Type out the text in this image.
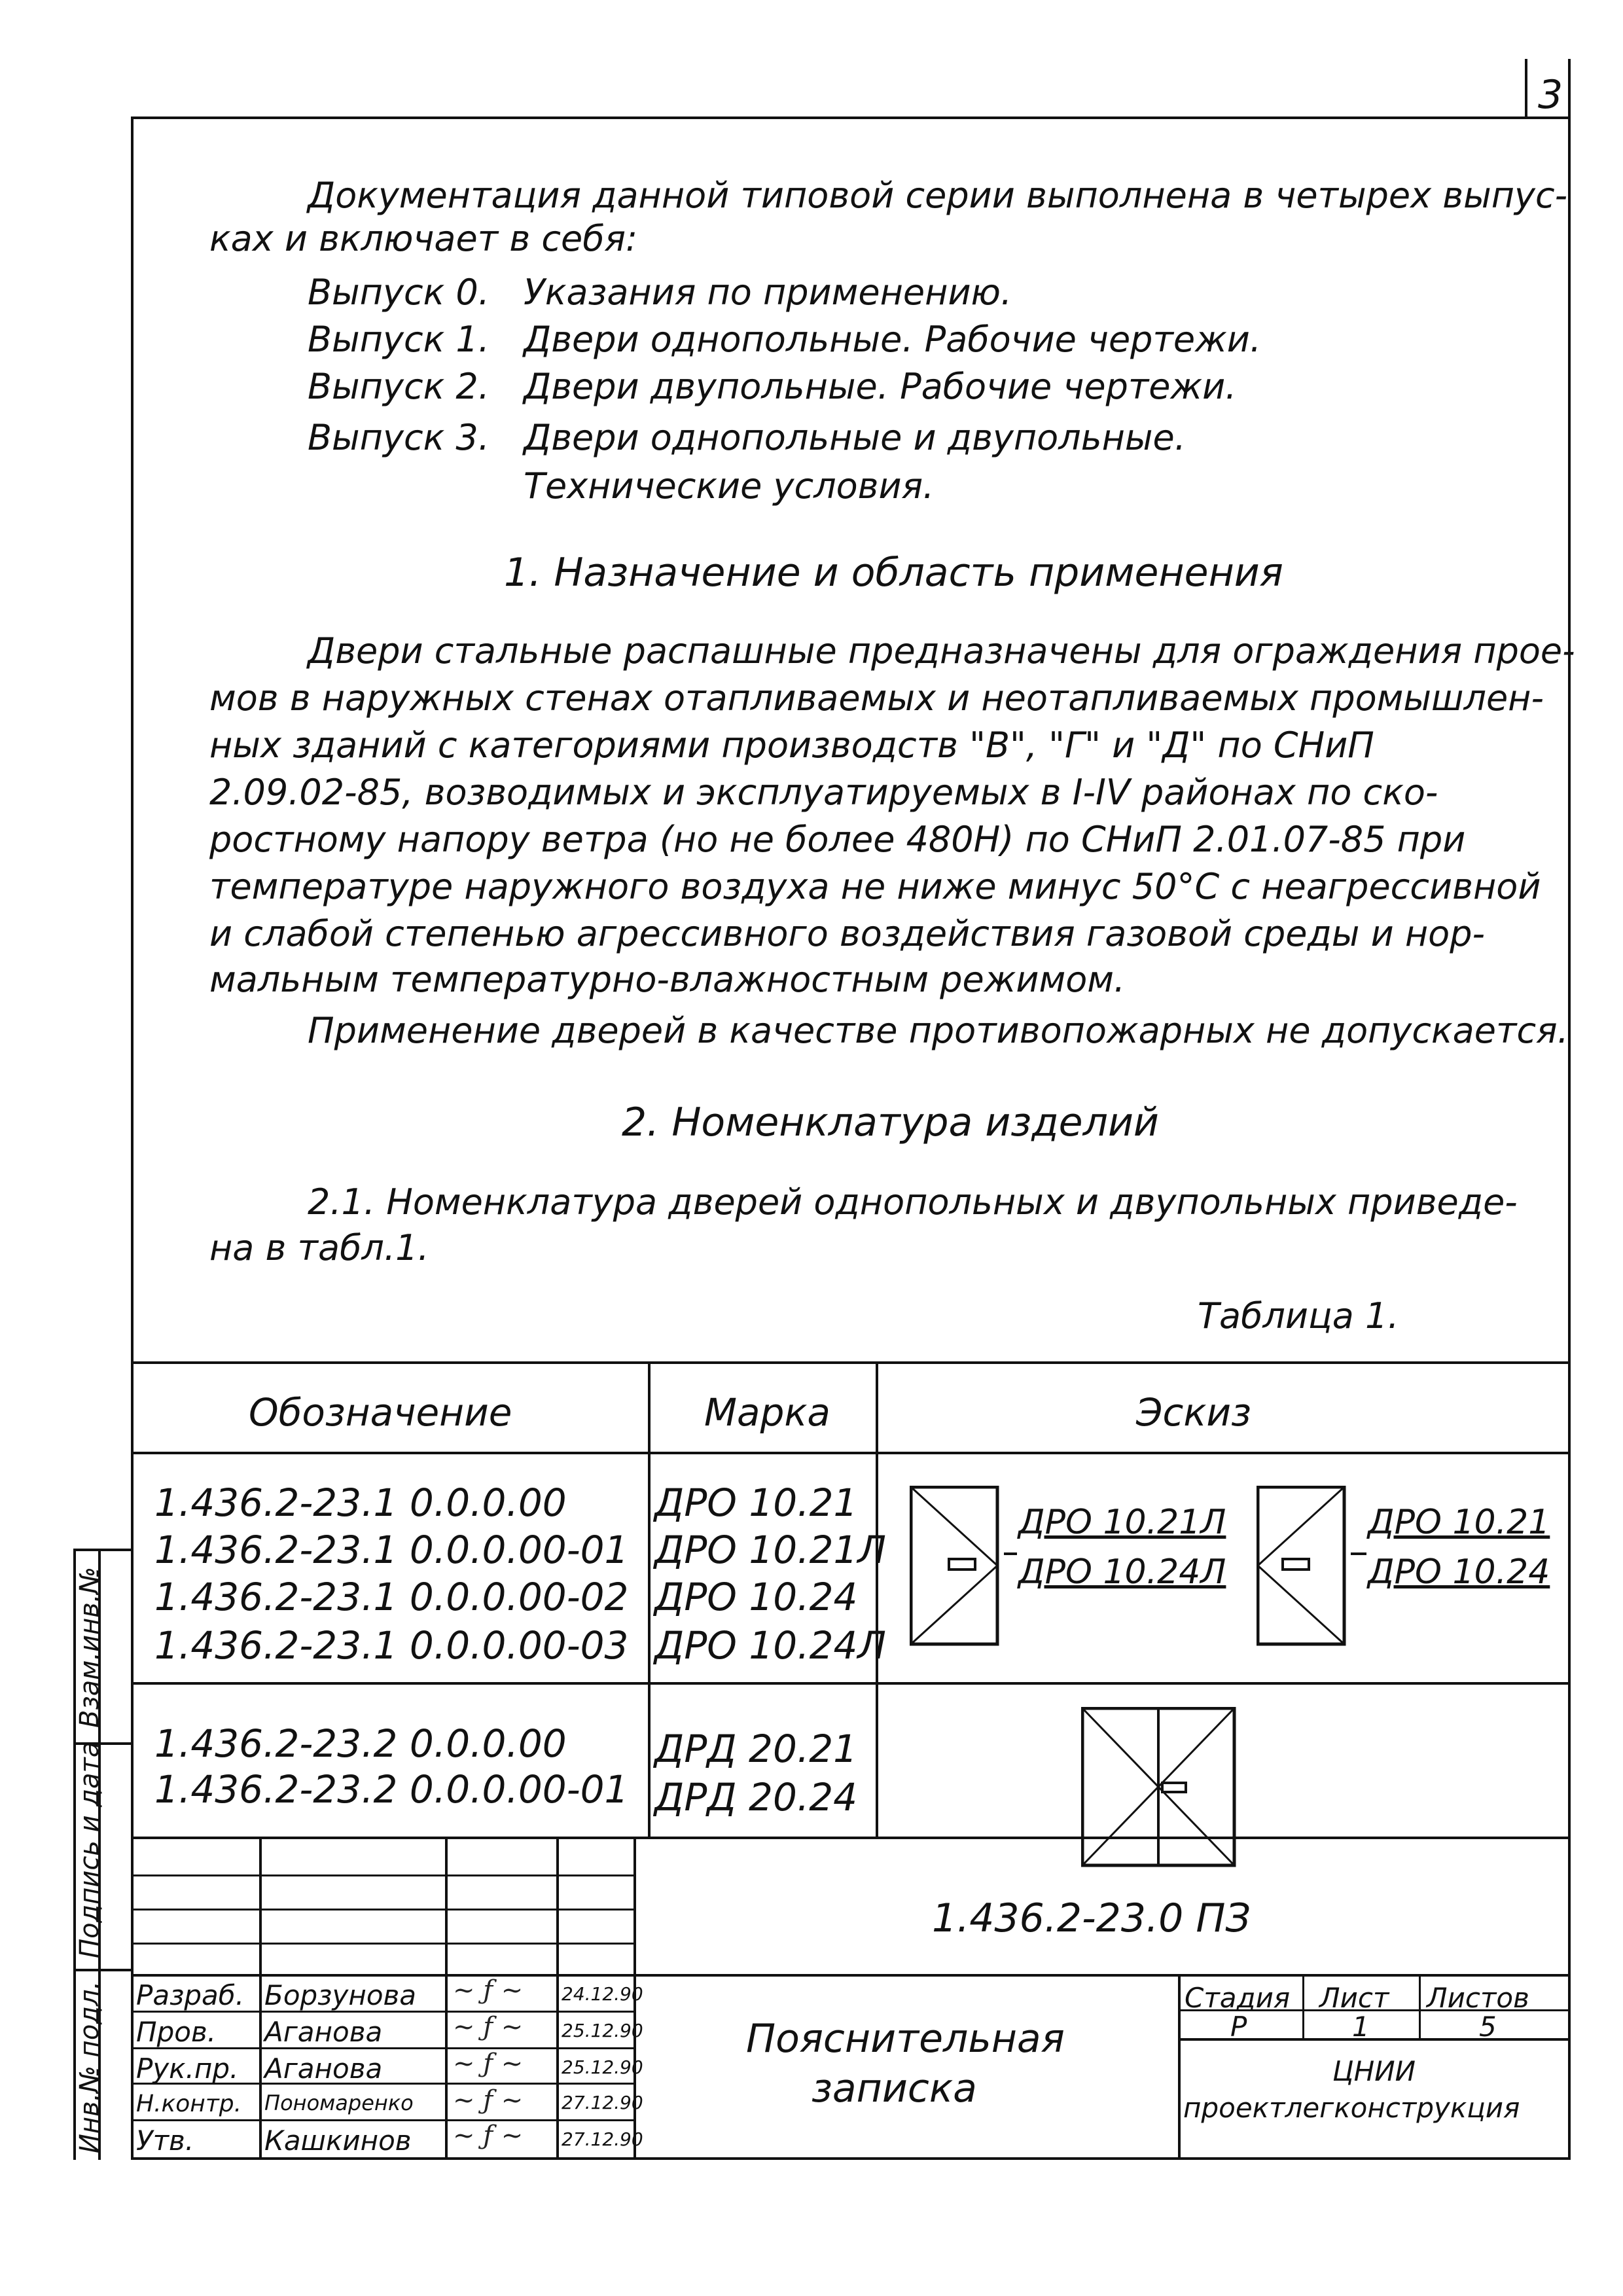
3
Документация данной типовой серии выполнена в четырех выпус-
ках и включает в себя:
Выпуск 0. Указания по применению.
Выпуск 1. Двери однопольные. Рабочие чертежи.
Выпуск 2. Двери двупольные. Рабочие чертежи.
Выпуск 3. Двери однопольные и двупольные.
Технические условия.
1. Назначение и область применения
Двери стальные распашные предназначены для ограждения прое-
мов в наружных стенах отапливаемых и неотапливаемых промышлен-
ных зданий с категориями производств "В", "Г" и "Д" по СНиП
2.09.02-85, возводимых и эксплуатируемых в I-IV районах по ско-
ростному напору ветра (но не более 480Н) по СНиП 2.01.07-85 при
температуре наружного воздуха не ниже минус 50°С с неагрессивной
и слабой степенью агрессивного воздействия газовой среды и нор-
мальным температурно-влажностным режимом.
Применение дверей в качестве противопожарных не допускается.
2. Номенклатура изделий
2.1. Номенклатура дверей однопольных и двупольных приведе-
на в табл.1.
Таблица 1.
Обозначение	Марка	Эскиз
1.436.2-23.1 0.0.0.00 ДРО 10.21
1.436.2-23.1 0.0.0.00-01 ДРО 10.21Л
1.436.2-23.1 0.0.0.00-02 ДРО 10.24
1.436.2-23.1 0.0.0.00-03 ДРО 10.24Л
ДРО 10.21Л
ДРО 10.24Л
ДРО 10.21
ДРО 10.24
1.436.2-23.2 0.0.0.00 ДРД 20.21
1.436.2-23.2 0.0.0.00-01 ДРД 20.24
1.436.2-23.0 ПЗ
Пояснительная
записка
Стадия Лист Листов
Р	1	5
ЦНИИ
проектлегконструкция
Разраб. Борзунова ~ ƒ ~ 24.12.90
Пров. Аганова	~ ƒ ~ 25.12.90
Рук.пр. Аганова	~ ƒ ~ 25.12.90
Н.контр. Пономаренко ~ ƒ ~ 27.12.90
Утв.	Кашкинов ~ ƒ ~ 27.12.90
Взам.инв.№
Подпись и дата
Инв.№ подл.
